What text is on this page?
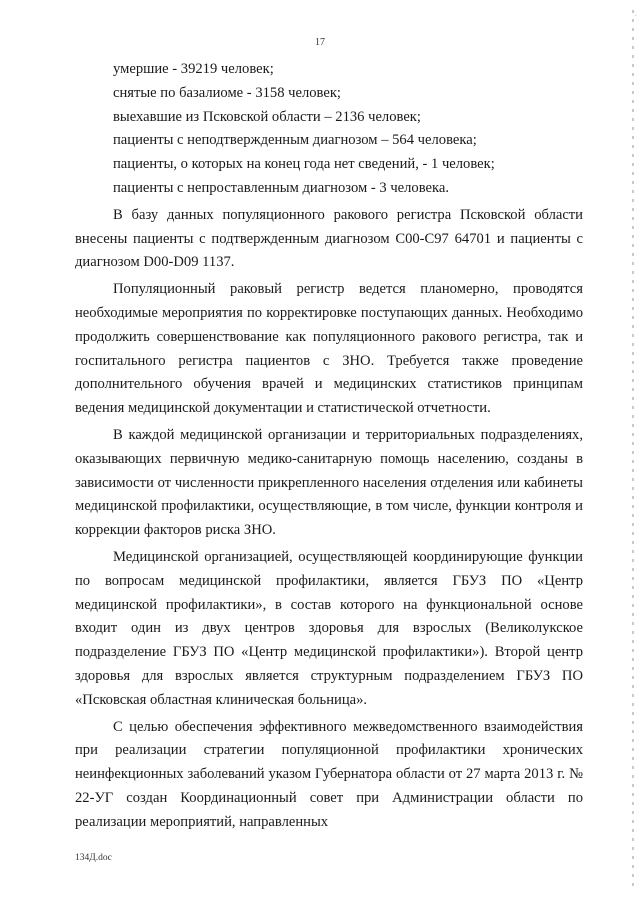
17

умершие - 39219 человек;

снятые по базалиоме - 3158 человек;

выехавшие из Псковской области – 2136 человек;

пациенты с неподтвержденным диагнозом – 564 человека;

пациенты, о которых на конец года нет сведений, - 1 человек;

пациенты с непроставленным диагнозом - 3 человека.

В базу данных популяционного ракового регистра Псковской области внесены пациенты с подтвержденным диагнозом С00-С97 64701 и пациенты с диагнозом D00-D09 1137.

Популяционный раковый регистр ведется планомерно, проводятся необходимые мероприятия по корректировке поступающих данных. Необходимо продолжить совершенствование как популяционного ракового регистра, так и госпитального регистра пациентов с ЗНО. Требуется также проведение дополнительного обучения врачей и медицинских статистиков принципам ведения медицинской документации и статистической отчетности.

В каждой медицинской организации и территориальных подразделениях, оказывающих первичную медико-санитарную помощь населению, созданы в зависимости от численности прикрепленного населения отделения или кабинеты медицинской профилактики, осуществляющие, в том числе, функции контроля и коррекции факторов риска ЗНО.

Медицинской организацией, осуществляющей координирующие функции по вопросам медицинской профилактики, является ГБУЗ ПО «Центр медицинской профилактики», в состав которого на функциональной основе входит один из двух центров здоровья для взрослых (Великолукское подразделение ГБУЗ ПО «Центр медицинской профилактики»). Второй центр здоровья для взрослых является структурным подразделением ГБУЗ ПО «Псковская областная клиническая больница».

С целью обеспечения эффективного межведомственного взаимодействия при реализации стратегии популяционной профилактики хронических неинфекционных заболеваний указом Губернатора области от 27 марта 2013 г. № 22-УГ создан Координационный совет при Администрации области по реализации мероприятий, направленных

134Д.doc
·
